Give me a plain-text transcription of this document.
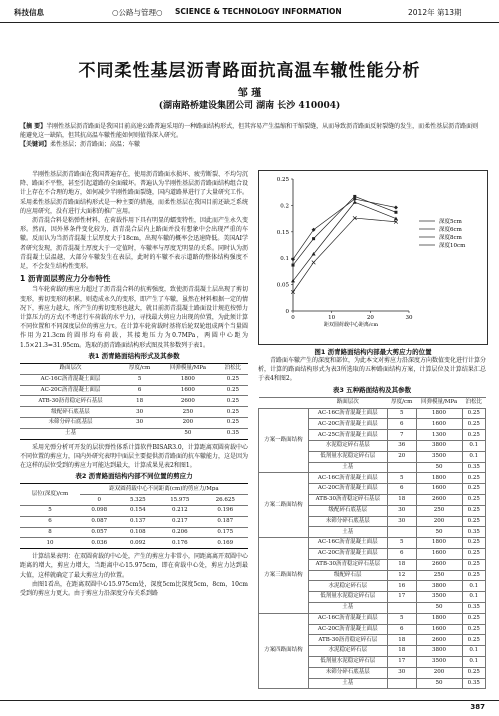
科技信息	○公路与管理○ SCIENCE & TECHNOLOGY INFORMATION	2012年 第13期
不同柔性基层沥青路面抗高温车辙性能分析
邹 瑾
(湖南路桥建设集团公司 湖南 长沙 410004)
【摘 要】半刚性基层沥青路面是我国目前高速公路普遍采用的一种路面结构形式，但其容易产生温缩和干缩裂缝，从而导致沥青路面反射裂缝的发生，而柔性基层沥青路面则能避免这一缺陷，但其抗高温车辙性能如何则值得深入研究。
【关键词】柔性基层；沥青路面；高温；车辙

半刚性基层沥青路面在我国普遍存在，使用沥青路面水损坏、疲劳断裂、不均匀沉降、路面不平整，甚至引起道路的全面破坏。普遍认为半刚性基层沥青路面结构组合设计上存在不合理的地方，如何减少半刚性路面裂缝，国内道路界进行了大量研究工作。采用柔性基层沥青路面结构形式是一种主要的措施，而柔性基层在我国目前还缺乏系统的应用研究，没有进行大面积的推广应用。

沥青混合料是粘弹性材料，在荷载作用下具有明显的蠕变特性，因此而产生永久变形。然而，因外界条件变化较为，沥青混合层内上路面并没有想象中会出现严重的车辙。反而认为当沥青混凝土层厚度大于18cm，出现车辙的概率会迅速降低。美国AI学者研究发现，沥青混凝土厚度大于一定值时，车辙率与厚度无明显的关系。同时认为沥青混凝土层温越，大部分车辙发生在表层，此时的车辙不表示道路的整体结构强度不足，不会发生结构性变形。

1 沥青面层剪应力分布特性

当车轮荷载的剪应力超过了沥青混合料的抗剪强度，致使沥青混凝土层出现了剪切变形，剪切变形的积累，则造成永久的变形，即产生了车辙，虽然在材料根据一定的情况下，剪应力越大，所产生的剪切变形也越大，就目前沥青混凝土路面设计规范按弹力计算压力的方式(不考虑行车荷载的水平力)，寻找最大剪应力出现的位置，为此须计算不同位置和不同深度层位的剪应力τ。在计算车轮荷载时基将后轮双轮组成两个当量圆作用为21.3cm的圆形均布荷载，其接地压力为0.7MPa，两圆中心距为1.5×21.3=31.95cm。选取的沥青路面结构形式图及其参数列于表1。

表1 沥青路面结构形式及其参数
路面层次	厚度/cm	回弹模量/MPa	泊松比
AC-16C沥青混凝土面层	5	1800	0.25
AC-20C沥青混凝土面层	6	1600	0.25
ATB-30沥青稳定碎石基层	18	2600	0.25
级配碎石底基层	30	250	0.25
未筛分碎石底基层	30	200	0.25
土基		50	0.35

采用光弹分析可开发的层状弹性体系计算软件BISAR3.0，计算距离双圆荷载中心不同位置的剪应力，国内外研究表明中面层主要提供沥青路面的抗车辙能力，这是因为在这样的层位受到的剪应力可能达到最大，计算成果见表2和图1。

表2 沥青路面结构内部不同位置的剪应力
层位(深度)/cm	距双圆荷载中心不同距离(cm)的剪应力/Mpa			
	0	5.325	15.975	26.625
5	0.098	0.154	0.212	0.196
6	0.087	0.137	0.217	0.187
8	0.057	0.108	0.206	0.175
10	0.036	0.092	0.176	0.169

计算结果表明：在双圆荷载的中心处，产生的剪应力非常小，同距离离开双圆中心距离的增大，剪应力增大，当距离中心15.975cm，即在荷载中心处，剪应力达到最大值，这样就确定了最大剪应力的位置。

由图1看出，在距离双圆中心15.975cm处，深度5cm比深度5cm，8cm，10cm受到的剪应力更大。由于剪应力沿深度分布关系到路

0
0.05
0.1
0.15
0.2
0.25
0	10	20	30
距双圆荷载中心距离/cm
深度5cm
深度6cm
深度8cm
深度10cm
图1 沥青路面结构内部最大剪应力的位置

青路面车辙产生的深度和部位，为此本文对剪应力沿深度方向数值变化进行计算分析，计算的路面结构形式为表3所选取的五种路面结构方案，计算层位及计算结果汇总于表4和图2。

表3 五种路面结构及其参数
	路面层次	厚度/cm	回弹模量/MPa	泊松比
方案一路面结构	AC-16C沥青混凝土面层	5	1800	0.25
	AC-20C沥青混凝土面层	6	1600	0.25
	AC-25C沥青混凝土面层	7	1300	0.25
	水泥稳定碎石基层	36	3800	0.1
	低剂量水泥稳定碎石层	20	3500	0.1
	土基		50	0.35
方案二路面结构	AC-16C沥青混凝土面层	5	1800	0.25
	AC-20C沥青混凝土面层	6	1600	0.25
	ATB-30沥青稳定碎石基层	18	2600	0.25
	级配碎石底基层	30	250	0.25
	未筛分碎石底基层	30	200	0.25
	土基		50	0.35
方案三路面结构	AC-16C沥青混凝土面层	5	1800	0.25
	AC-20C沥青混凝土面层	6	1600	0.25
	ATB-30沥青稳定碎石基层	18	2600	0.25
	级配碎石层	12	250	0.25
	水泥稳定碎石层	16	3800	0.1
	低剂量水泥稳定碎石层	17	3500	0.1
	土基		50	0.35
方案四路面结构	AC-16C沥青混凝土面层	5	1800	0.25
	AC-20C沥青混凝土面层	6	1600	0.25
	ATB-30沥青稳定碎石层	18	2600	0.25
	水泥稳定碎石层	18	3800	0.1
	低剂量水泥稳定碎石层	17	3500	0.1
	未筛分碎石底基层	30	200	0.25
	土基		50	0.35
387
